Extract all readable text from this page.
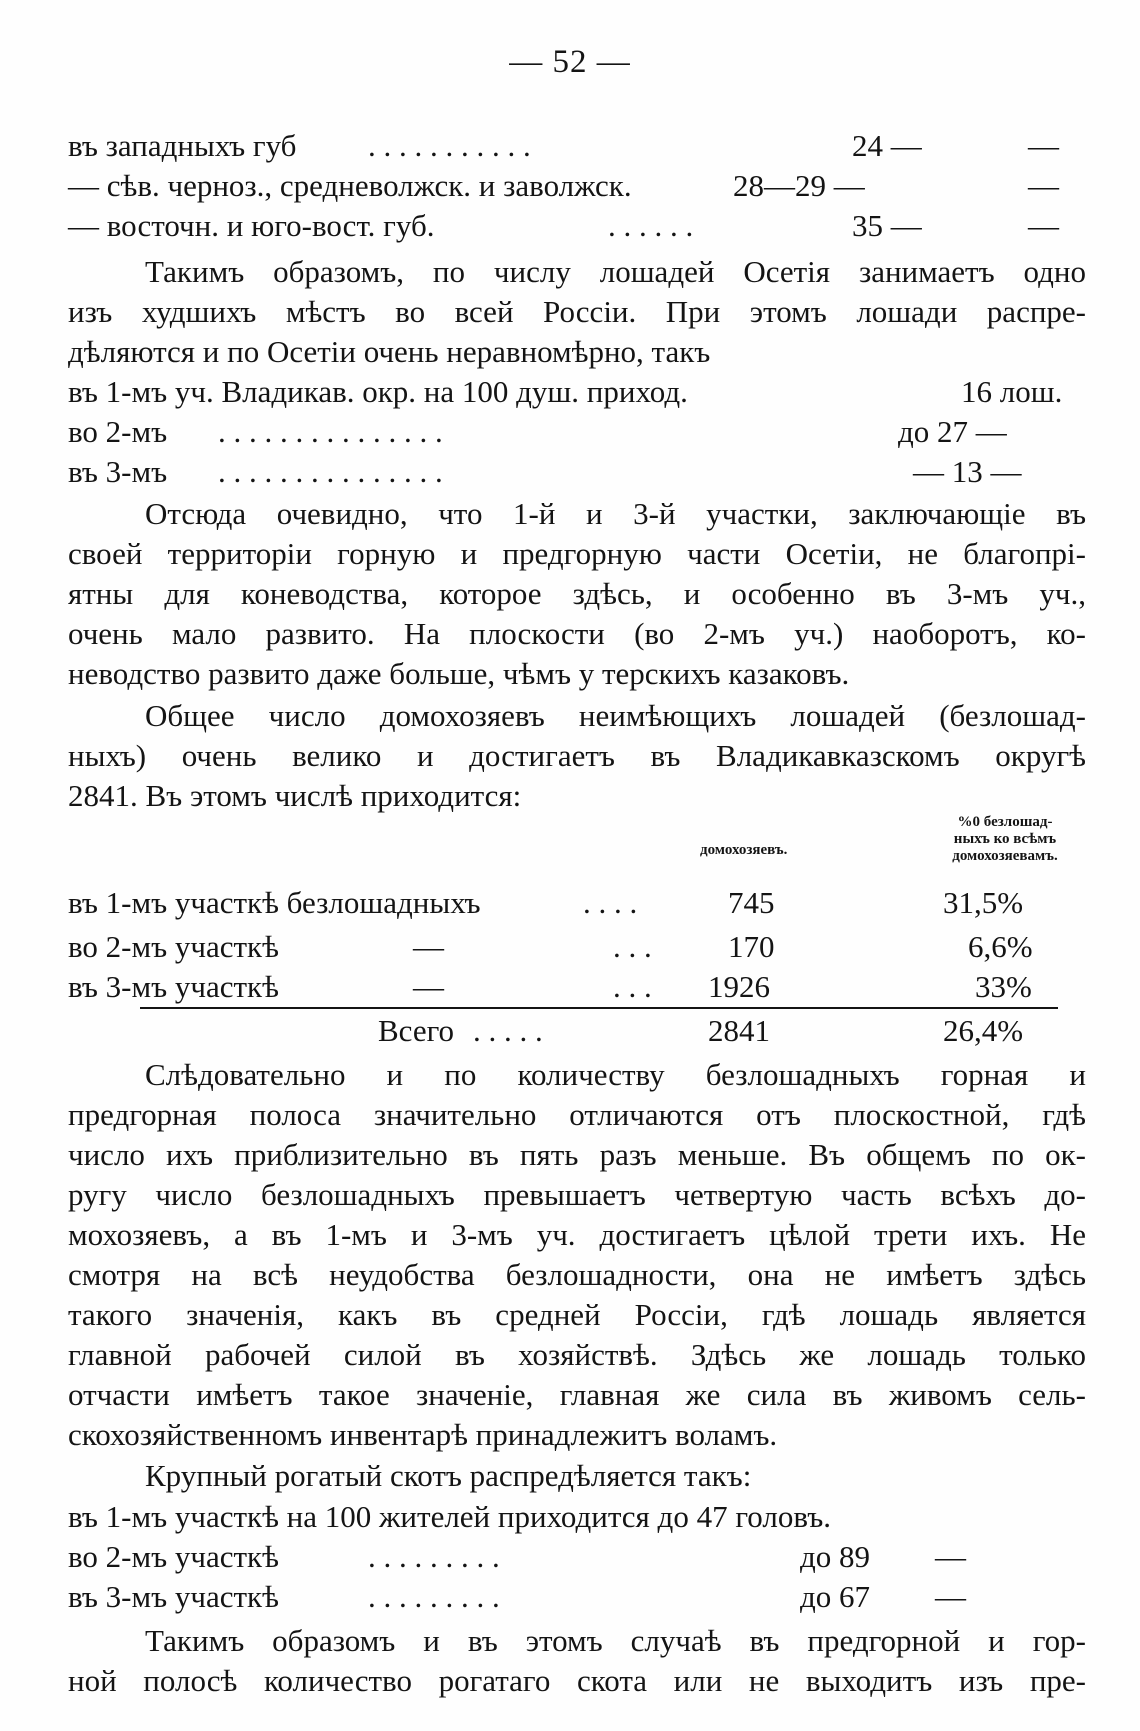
— 52 —
въ западныхъ губ . . . . . . . . . . .	24 —	—
— сѣв. черноз., средневолжск. и заволжск.	28—29 —	—
— восточн. и юго-вост. губ.	. . . . . .	35 —	—
Такимъ образомъ, по числу лошадей Осетія занимаетъ одно
изъ худшихъ мѣстъ во всей Россіи. При этомъ лошади распре-
дѣляются и по Осетіи очень неравномѣрно, такъ
въ 1-мъ уч. Владикав. окр. на 100 душ. приход.	16 лош.
во 2-мъ . . . . . . . . . . . . . . .	до 27 —
въ 3-мъ . . . . . . . . . . . . . . .	— 13 —
Отсюда очевидно, что 1-й и 3-й участки, заключающіе въ
своей территоріи горную и предгорную части Осетіи, не благопрі-
ятны для коневодства, которое здѣсь, и особенно въ 3-мъ уч.,
очень мало развито. На плоскости (во 2-мъ уч.) наоборотъ, ко-
неводство развито даже больше, чѣмъ у терскихъ казаковъ.
Общее число домохозяевъ неимѣющихъ лошадей (безлошад-
ныхъ) очень велико и достигаетъ въ Владикавказскомъ округѣ
2841. Въ этомъ числѣ приходится:
домохозяевъ.
%0 безлошад-
ныхъ ко всѣмъ
домохозяевамъ.
въ 1-мъ участкѣ безлошадныхъ	. . . .	745	31,5%
во 2-мъ участкѣ	—	. . . 170	6,6%
въ 3-мъ участкѣ	—	. . . 1926	33%
Всего . . . . .	2841	26,4%
Слѣдовательно и по количеству безлошадныхъ горная и
предгорная полоса значительно отличаются отъ плоскостной, гдѣ
число ихъ приблизительно въ пять разъ меньше. Въ общемъ по ок-
ругу число безлошадныхъ превышаетъ четвертую часть всѣхъ до-
мохозяевъ, а въ 1-мъ и 3-мъ уч. достигаетъ цѣлой трети ихъ. Не
смотря на всѣ неудобства безлошадности, она не имѣетъ здѣсь
такого значенія, какъ въ средней Россіи, гдѣ лошадь является
главной рабочей силой въ хозяйствѣ. Здѣсь же лошадь только
отчасти имѣетъ такое значеніе, главная же сила въ живомъ сель-
скохозяйственномъ инвентарѣ принадлежитъ воламъ.
Крупный рогатый скотъ распредѣляется такъ:
въ 1-мъ участкѣ на 100 жителей приходится до 47 головъ.
во 2-мъ участкѣ	. . . . . . . . .	до 89 —
въ 3-мъ участкѣ	. . . . . . . . .	до 67 —
Такимъ образомъ и въ этомъ случаѣ въ предгорной и гор-
ной полосѣ количество рогатаго скота или не выходитъ изъ пре-
